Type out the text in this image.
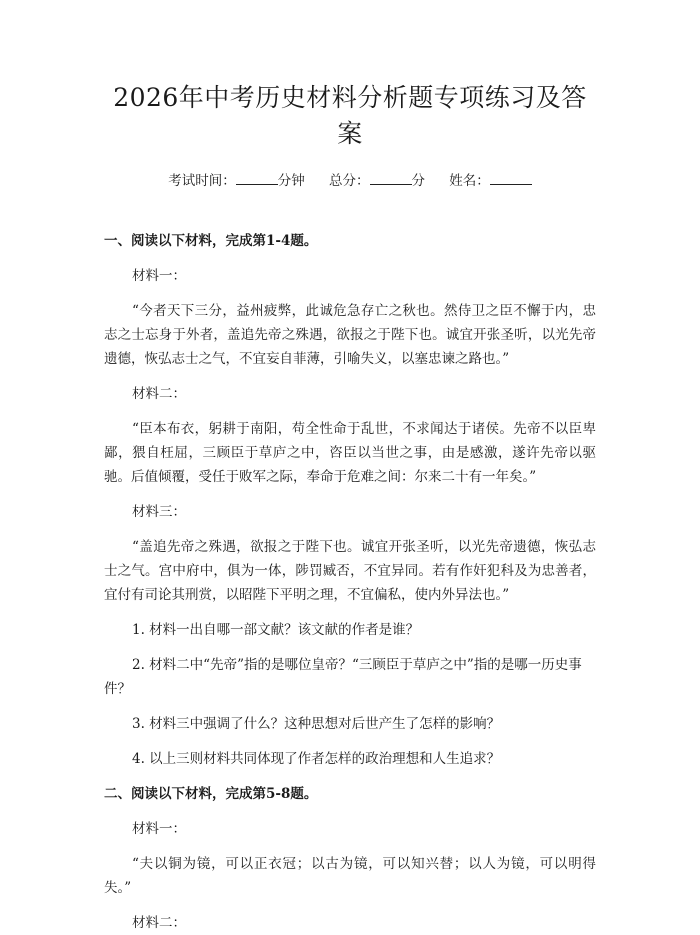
2026年中考历史材料分析题专项练习及答案
考试时间：	分钟 总分：	分 姓名：

一、阅读以下材料，完成第1-4题。

材料一：

“今者天下三分，益州疲弊，此诚危急存亡之秋也。然侍卫之臣不懈于内，忠志之士忘身于外者，盖追先帝之殊遇，欲报之于陛下也。诚宜开张圣听，以光先帝遗德，恢弘志士之气，不宜妄自菲薄，引喻失义，以塞忠谏之路也。”

材料二：

“臣本布衣，躬耕于南阳，苟全性命于乱世，不求闻达于诸侯。先帝不以臣卑鄙，猥自枉屈，三顾臣于草庐之中，咨臣以当世之事，由是感激，遂许先帝以驱驰。后值倾覆，受任于败军之际，奉命于危难之间：尔来二十有一年矣。”

材料三：

“盖追先帝之殊遇，欲报之于陛下也。诚宜开张圣听，以光先帝遗德，恢弘志士之气。宫中府中，俱为一体，陟罚臧否，不宜异同。若有作奸犯科及为忠善者，宜付有司论其刑赏，以昭陛下平明之理，不宜偏私，使内外异法也。”

1. 材料一出自哪一部文献？该文献的作者是谁？

2. 材料二中“先帝”指的是哪位皇帝？“三顾臣于草庐之中”指的是哪一历史事件？

3. 材料三中强调了什么？这种思想对后世产生了怎样的影响？

4. 以上三则材料共同体现了作者怎样的政治理想和人生追求？

二、阅读以下材料，完成第5-8题。

材料一：

“夫以铜为镜，可以正衣冠；以古为镜，可以知兴替；以人为镜，可以明得失。”

材料二：
